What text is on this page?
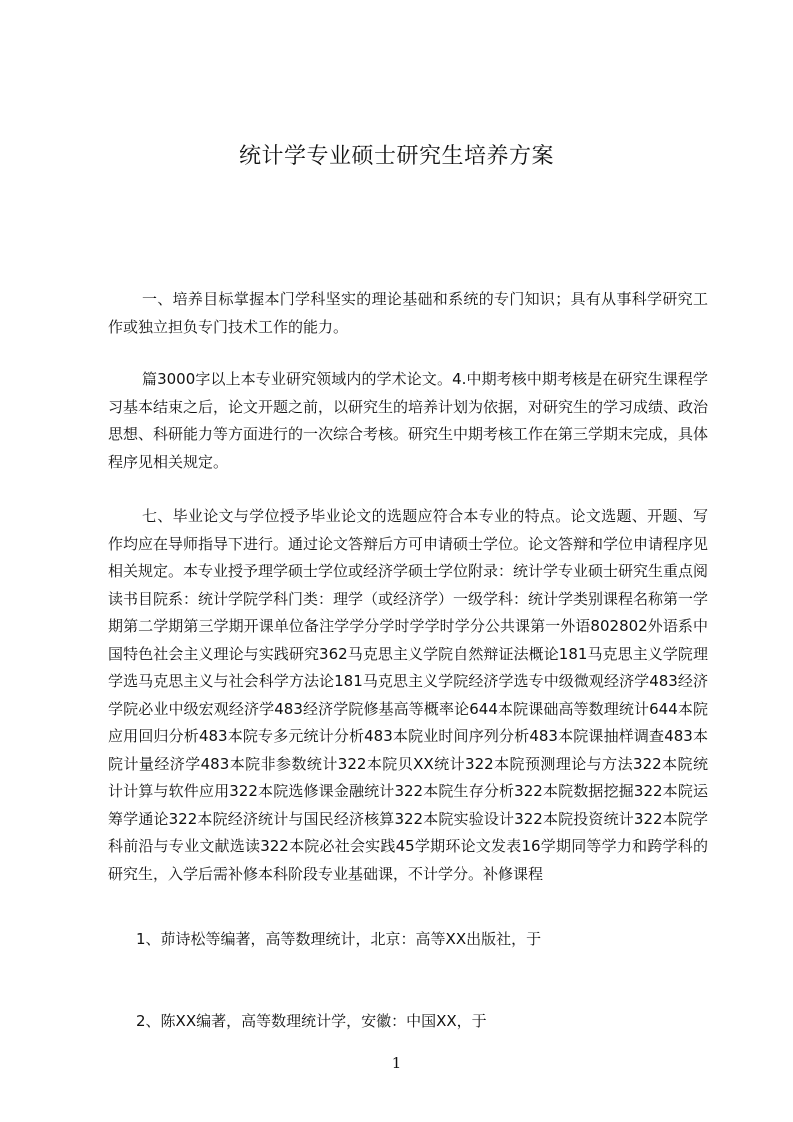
统计学专业硕士研究生培养方案

一、培养目标掌握本门学科坚实的理论基础和系统的专门知识；具有从事科学研究工作或独立担负专门技术工作的能力。

篇3000字以上本专业研究领域内的学术论文。4.中期考核中期考核是在研究生课程学习基本结束之后，论文开题之前，以研究生的培养计划为依据，对研究生的学习成绩、政治思想、科研能力等方面进行的一次综合考核。研究生中期考核工作在第三学期末完成，具体程序见相关规定。

七、毕业论文与学位授予毕业论文的选题应符合本专业的特点。论文选题、开题、写作均应在导师指导下进行。通过论文答辩后方可申请硕士学位。论文答辩和学位申请程序见相关规定。本专业授予理学硕士学位或经济学硕士学位附录：统计学专业硕士研究生重点阅读书目院系：统计学院学科门类：理学（或经济学）一级学科：统计学类别课程名称第一学期第二学期第三学期开课单位备注学学分学时学学时学分公共课第一外语802802外语系中国特色社会主义理论与实践研究362马克思主义学院自然辩证法概论181马克思主义学院理学选马克思主义与社会科学方法论181马克思主义学院经济学选专中级微观经济学483经济学院必业中级宏观经济学483经济学院修基高等概率论644本院课础高等数理统计644本院应用回归分析483本院专多元统计分析483本院业时间序列分析483本院课抽样调查483本院计量经济学483本院非参数统计322本院贝XX统计322本院预测理论与方法322本院统计计算与软件应用322本院选修课金融统计322本院生存分析322本院数据挖掘322本院运筹学通论322本院经济统计与国民经济核算322本院实验设计322本院投资统计322本院学科前沿与专业文献选读322本院必社会实践45学期环论文发表16学期同等学力和跨学科的研究生，入学后需补修本科阶段专业基础课，不计学分。补修课程

1、茆诗松等编著，高等数理统计，北京：高等XX出版社，于

2、陈XX编著，高等数理统计学，安徽：中国XX，于

1
